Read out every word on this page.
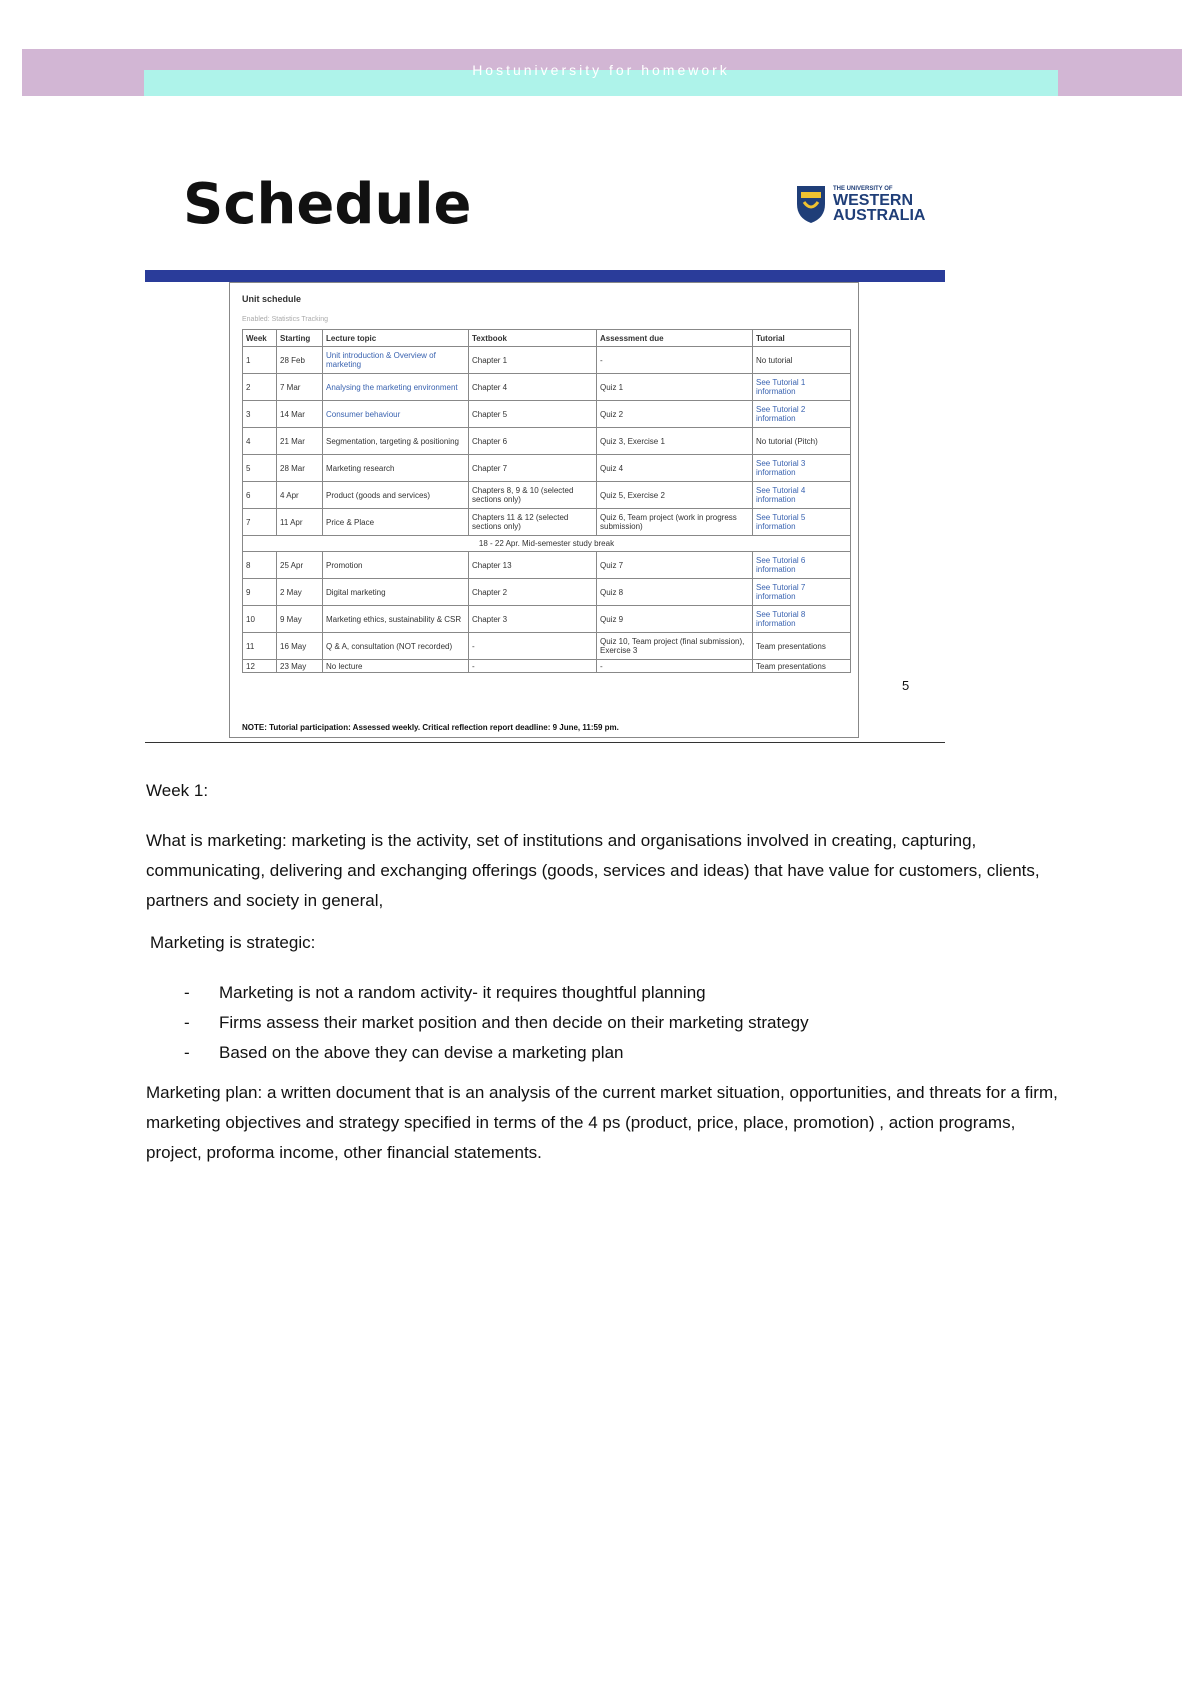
Hostuniversity for homework
Schedule	THE UNIVERSITY OF
WESTERN
AUSTRALIA
Unit schedule
Enabled: Statistics Tracking
Week	Starting	Lecture topic	Textbook	Assessment due	Tutorial
1	28 Feb	Unit introduction & Overview of marketing	Chapter 1	-	No tutorial
2	7 Mar	Analysing the marketing environment	Chapter 4	Quiz 1	See Tutorial 1 information
3	14 Mar	Consumer behaviour	Chapter 5	Quiz 2	See Tutorial 2 information
4	21 Mar	Segmentation, targeting & positioning	Chapter 6	Quiz 3, Exercise 1	No tutorial (Pitch)
5	28 Mar	Marketing research	Chapter 7	Quiz 4	See Tutorial 3 information
6	4 Apr	Product (goods and services)	Chapters 8, 9 & 10 (selected sections only)	Quiz 5, Exercise 2	See Tutorial 4 information
7	11 Apr	Price & Place	Chapters 11 & 12 (selected sections only)	Quiz 6, Team project (work in progress submission)	See Tutorial 5 information
18 - 22 Apr. Mid-semester study break					
8	25 Apr	Promotion	Chapter 13	Quiz 7	See Tutorial 6 information
9	2 May	Digital marketing	Chapter 2	Quiz 8	See Tutorial 7 information
10	9 May	Marketing ethics, sustainability & CSR	Chapter 3	Quiz 9	See Tutorial 8 information
11	16 May	Q & A, consultation (NOT recorded)	-	Quiz 10, Team project (final submission), Exercise 3	Team presentations
12	23 May	No lecture	-	-	Team presentations
NOTE: Tutorial participation: Assessed weekly. Critical reflection report deadline: 9 June, 11:59 pm.
5

Week 1:

What is marketing: marketing is the activity, set of institutions and organisations involved in creating, capturing, communicating, delivering and exchanging offerings (goods, services and ideas) that have value for customers, clients, partners and society in general,

Marketing is strategic:

- Marketing is not a random activity- it requires thoughtful planning
- Firms assess their market position and then decide on their marketing strategy
- Based on the above they can devise a marketing plan

Marketing plan: a written document that is an analysis of the current market situation, opportunities, and threats for a firm, marketing objectives and strategy specified in terms of the 4 ps (product, price, place, promotion) , action programs, project, proforma income, other financial statements.
